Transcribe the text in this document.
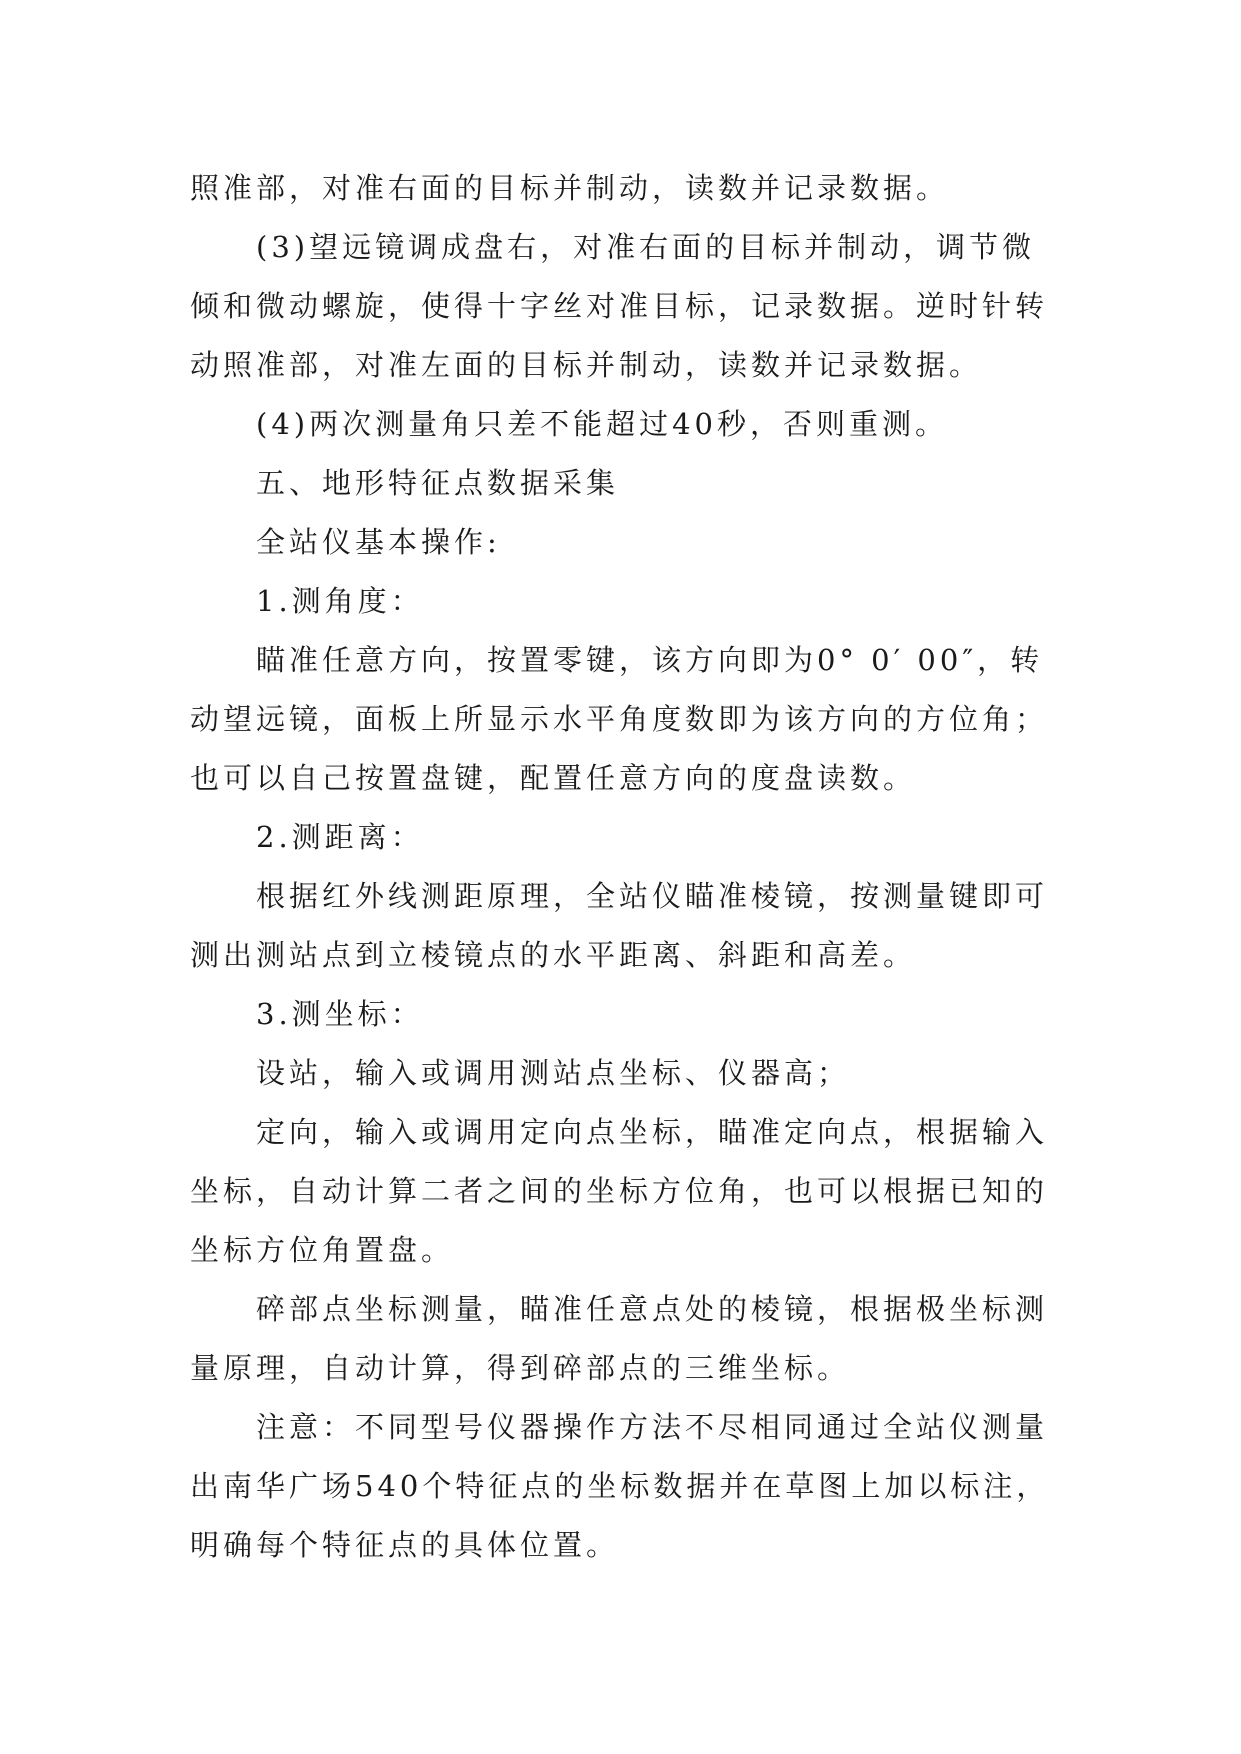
照准部，对准右面的目标并制动，读数并记录数据。

(3)望远镜调成盘右，对准右面的目标并制动，调节微倾和微动螺旋，使得十字丝对准目标，记录数据。逆时针转动照准部，对准左面的目标并制动，读数并记录数据。

(4)两次测量角只差不能超过40秒，否则重测。

五、地形特征点数据采集

全站仪基本操作:

1.测角度：

瞄准任意方向，按置零键，该方向即为0° 0′ 00″，转动望远镜，面板上所显示水平角度数即为该方向的方位角；也可以自己按置盘键，配置任意方向的度盘读数。

2.测距离：

根据红外线测距原理，全站仪瞄准棱镜，按测量键即可测出测站点到立棱镜点的水平距离、斜距和高差。

3.测坐标：

设站，输入或调用测站点坐标、仪器高；

定向，输入或调用定向点坐标，瞄准定向点，根据输入坐标，自动计算二者之间的坐标方位角，也可以根据已知的坐标方位角置盘。

碎部点坐标测量，瞄准任意点处的棱镜，根据极坐标测量原理，自动计算，得到碎部点的三维坐标。

注意：不同型号仪器操作方法不尽相同通过全站仪测量出南华广场540个特征点的坐标数据并在草图上加以标注，明确每个特征点的具体位置。
